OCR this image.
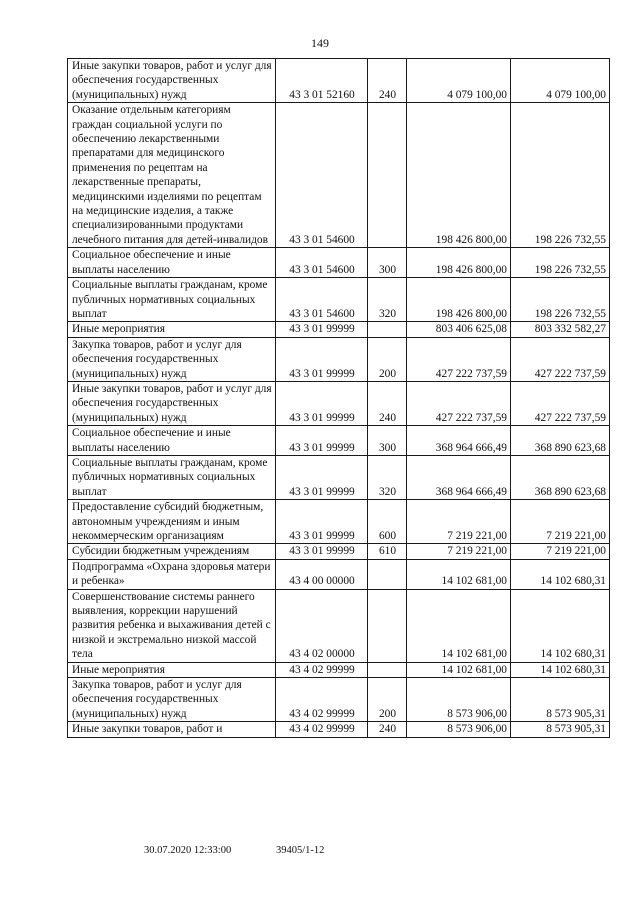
149
Иные закупки товаров, работ и услуг для обеспечения государственных (муниципальных) нужд	43 3 01 52160	240	4 079 100,00	4 079 100,00
Оказание отдельным категориям граждан социальной услуги по обеспечению лекарственными препаратами для медицинского применения по рецептам на лекарственные препараты, медицинскими изделиями по рецептам на медицинские изделия, а также специализированными продуктами лечебного питания для детей-инвалидов	43 3 01 54600		198 426 800,00	198 226 732,55
Социальное обеспечение и иные выплаты населению	43 3 01 54600	300	198 426 800,00	198 226 732,55
Социальные выплаты гражданам, кроме публичных нормативных социальных выплат	43 3 01 54600	320	198 426 800,00	198 226 732,55
Иные мероприятия	43 3 01 99999		803 406 625,08	803 332 582,27
Закупка товаров, работ и услуг для обеспечения государственных (муниципальных) нужд	43 3 01 99999	200	427 222 737,59	427 222 737,59
Иные закупки товаров, работ и услуг для обеспечения государственных (муниципальных) нужд	43 3 01 99999	240	427 222 737,59	427 222 737,59
Социальное обеспечение и иные выплаты населению	43 3 01 99999	300	368 964 666,49	368 890 623,68
Социальные выплаты гражданам, кроме публичных нормативных социальных выплат	43 3 01 99999	320	368 964 666,49	368 890 623,68
Предоставление субсидий бюджетным, автономным учреждениям и иным некоммерческим организациям	43 3 01 99999	600	7 219 221,00	7 219 221,00
Субсидии бюджетным учреждениям	43 3 01 99999	610	7 219 221,00	7 219 221,00
Подпрограмма «Охрана здоровья матери и ребенка»	43 4 00 00000		14 102 681,00	14 102 680,31
Совершенствование системы раннего выявления, коррекции нарушений развития ребенка и выхаживания детей с низкой и экстремально низкой массой тела	43 4 02 00000		14 102 681,00	14 102 680,31
Иные мероприятия	43 4 02 99999		14 102 681,00	14 102 680,31
Закупка товаров, работ и услуг для обеспечения государственных (муниципальных) нужд	43 4 02 99999	200	8 573 906,00	8 573 905,31
Иные закупки товаров, работ и	43 4 02 99999	240	8 573 906,00	8 573 905,31
30.07.2020 12:33:00	39405/1-12
